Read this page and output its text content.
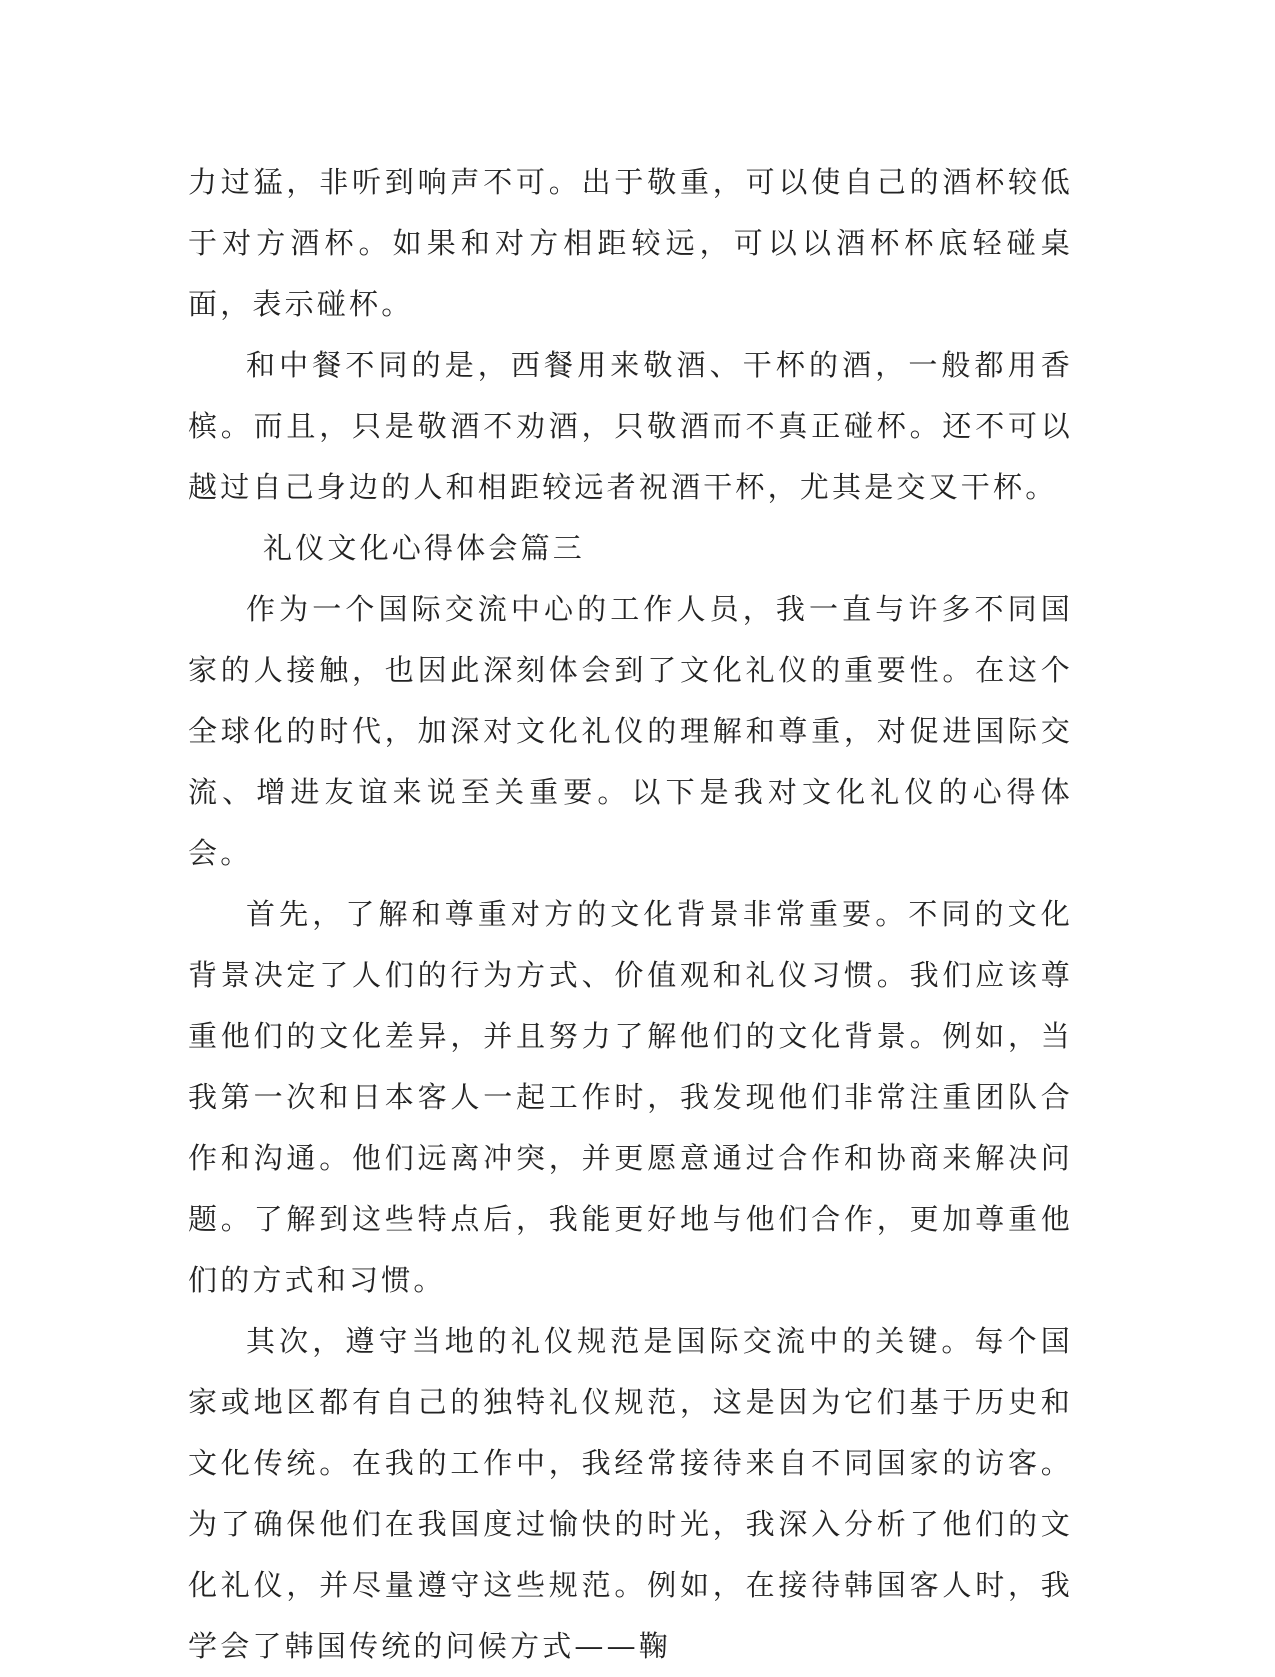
力过猛，非听到响声不可。出于敬重，可以使自己的酒杯较低于对方酒杯。如果和对方相距较远，可以以酒杯杯底轻碰桌面，表示碰杯。

和中餐不同的是，西餐用来敬酒、干杯的酒，一般都用香槟。而且，只是敬酒不劝酒，只敬酒而不真正碰杯。还不可以越过自己身边的人和相距较远者祝酒干杯，尤其是交叉干杯。

礼仪文化心得体会篇三

作为一个国际交流中心的工作人员，我一直与许多不同国家的人接触，也因此深刻体会到了文化礼仪的重要性。在这个全球化的时代，加深对文化礼仪的理解和尊重，对促进国际交流、增进友谊来说至关重要。以下是我对文化礼仪的心得体会。

首先，了解和尊重对方的文化背景非常重要。不同的文化背景决定了人们的行为方式、价值观和礼仪习惯。我们应该尊重他们的文化差异，并且努力了解他们的文化背景。例如，当我第一次和日本客人一起工作时，我发现他们非常注重团队合作和沟通。他们远离冲突，并更愿意通过合作和协商来解决问题。了解到这些特点后，我能更好地与他们合作，更加尊重他们的方式和习惯。

其次，遵守当地的礼仪规范是国际交流中的关键。每个国家或地区都有自己的独特礼仪规范，这是因为它们基于历史和文化传统。在我的工作中，我经常接待来自不同国家的访客。为了确保他们在我国度过愉快的时光，我深入分析了他们的文化礼仪，并尽量遵守这些规范。例如，在接待韩国客人时，我学会了韩国传统的问候方式——鞠
